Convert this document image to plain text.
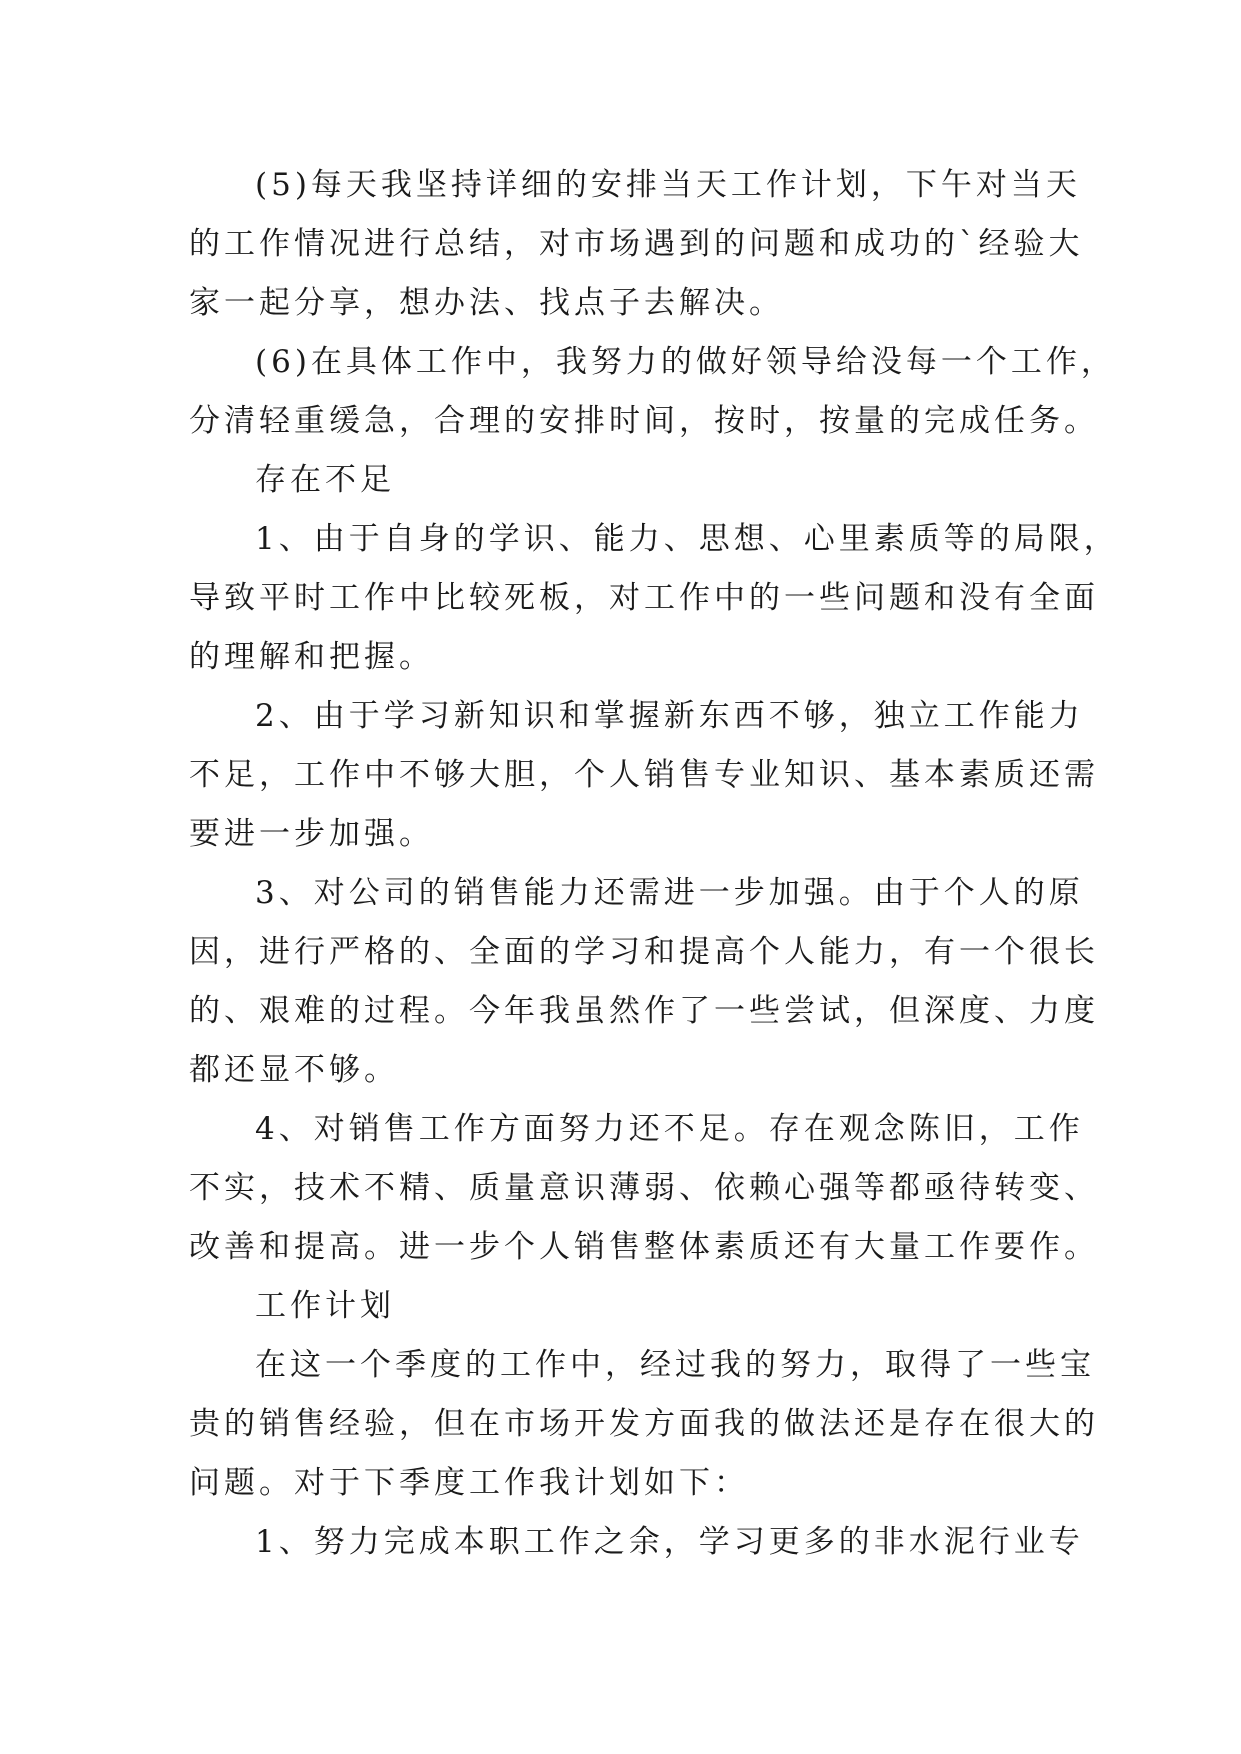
(5)每天我坚持详细的安排当天工作计划，下午对当天
的工作情况进行总结，对市场遇到的问题和成功的`经验大
家一起分享，想办法、找点子去解决。
(6)在具体工作中，我努力的做好领导给没每一个工作，
分清轻重缓急，合理的安排时间，按时，按量的完成任务。
存在不足
1、由于自身的学识、能力、思想、心里素质等的局限，
导致平时工作中比较死板，对工作中的一些问题和没有全面
的理解和把握。
2、由于学习新知识和掌握新东西不够，独立工作能力
不足，工作中不够大胆，个人销售专业知识、基本素质还需
要进一步加强。
3、对公司的销售能力还需进一步加强。由于个人的原
因，进行严格的、全面的学习和提高个人能力，有一个很长
的、艰难的过程。今年我虽然作了一些尝试，但深度、力度
都还显不够。
4、对销售工作方面努力还不足。存在观念陈旧，工作
不实，技术不精、质量意识薄弱、依赖心强等都亟待转变、
改善和提高。进一步个人销售整体素质还有大量工作要作。
工作计划
在这一个季度的工作中，经过我的努力，取得了一些宝
贵的销售经验，但在市场开发方面我的做法还是存在很大的
问题。对于下季度工作我计划如下：
1、努力完成本职工作之余，学习更多的非水泥行业专
